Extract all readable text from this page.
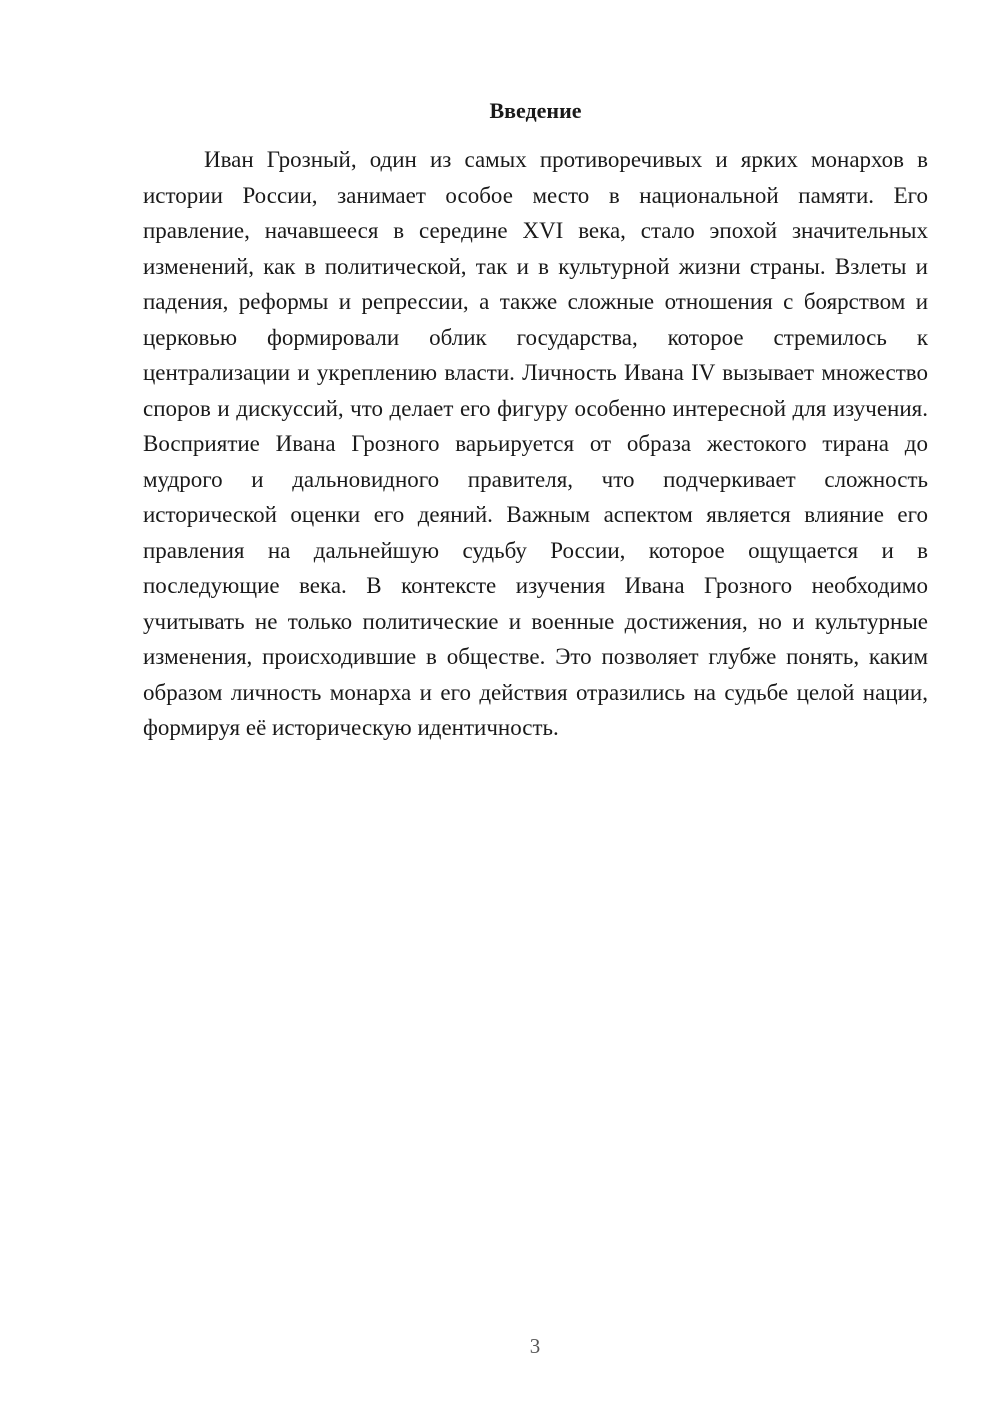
Введение

Иван Грозный, один из самых противоречивых и ярких монархов в истории России, занимает особое место в национальной памяти. Его правление, начавшееся в середине XVI века, стало эпохой значительных изменений, как в политической, так и в культурной жизни страны. Взлеты и падения, реформы и репрессии, а также сложные отношения с боярством и церковью формировали облик государства, которое стремилось к централизации и укреплению власти. Личность Ивана IV вызывает множество споров и дискуссий, что делает его фигуру особенно интересной для изучения. Восприятие Ивана Грозного варьируется от образа жестокого тирана до мудрого и дальновидного правителя, что подчеркивает сложность исторической оценки его деяний. Важным аспектом является влияние его правления на дальнейшую судьбу России, которое ощущается и в последующие века. В контексте изучения Ивана Грозного необходимо учитывать не только политические и военные достижения, но и культурные изменения, происходившие в обществе. Это позволяет глубже понять, каким образом личность монарха и его действия отразились на судьбе целой нации, формируя её историческую идентичность.

3
